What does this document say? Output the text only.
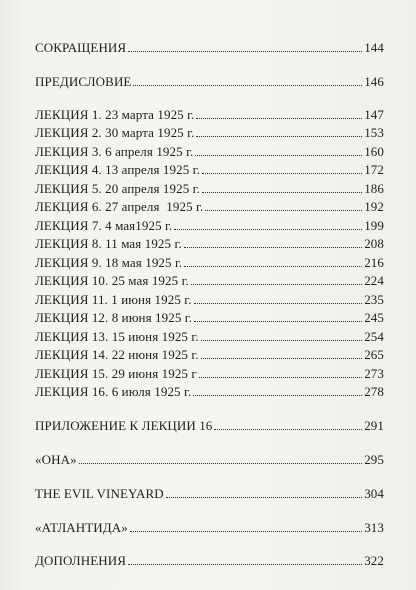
СОКРАЩЕНИЯ	144
ПРЕДИСЛОВИЕ	146
ЛЕКЦИЯ 1. 23 марта 1925 г.	147
ЛЕКЦИЯ 2. 30 марта 1925 г.	153
ЛЕКЦИЯ 3. 6 апреля 1925 г.	160
ЛЕКЦИЯ 4. 13 апреля 1925 г.	172
ЛЕКЦИЯ 5. 20 апреля 1925 г.	186
ЛЕКЦИЯ 6. 27 апреля  1925 г.	192
ЛЕКЦИЯ 7. 4 мая1925 г.	199
ЛЕКЦИЯ 8. 11 мая 1925 г.	208
ЛЕКЦИЯ 9. 18 мая 1925 г.	216
ЛЕКЦИЯ 10. 25 мая 1925 г.	224
ЛЕКЦИЯ 11. 1 июня 1925 г.	235
ЛЕКЦИЯ 12. 8 июня 1925 г.	245
ЛЕКЦИЯ 13. 15 июня 1925 г.	254
ЛЕКЦИЯ 14. 22 июня 1925 г.	265
ЛЕКЦИЯ 15. 29 июня 1925 г	273
ЛЕКЦИЯ 16. 6 июля 1925 г.	278
ПРИЛОЖЕНИЕ К ЛЕКЦИИ 16	291
«ОНА»	295
THE EVIL VINEYARD	304
«АТЛАНТИДА»	313
ДОПОЛНЕНИЯ	322
